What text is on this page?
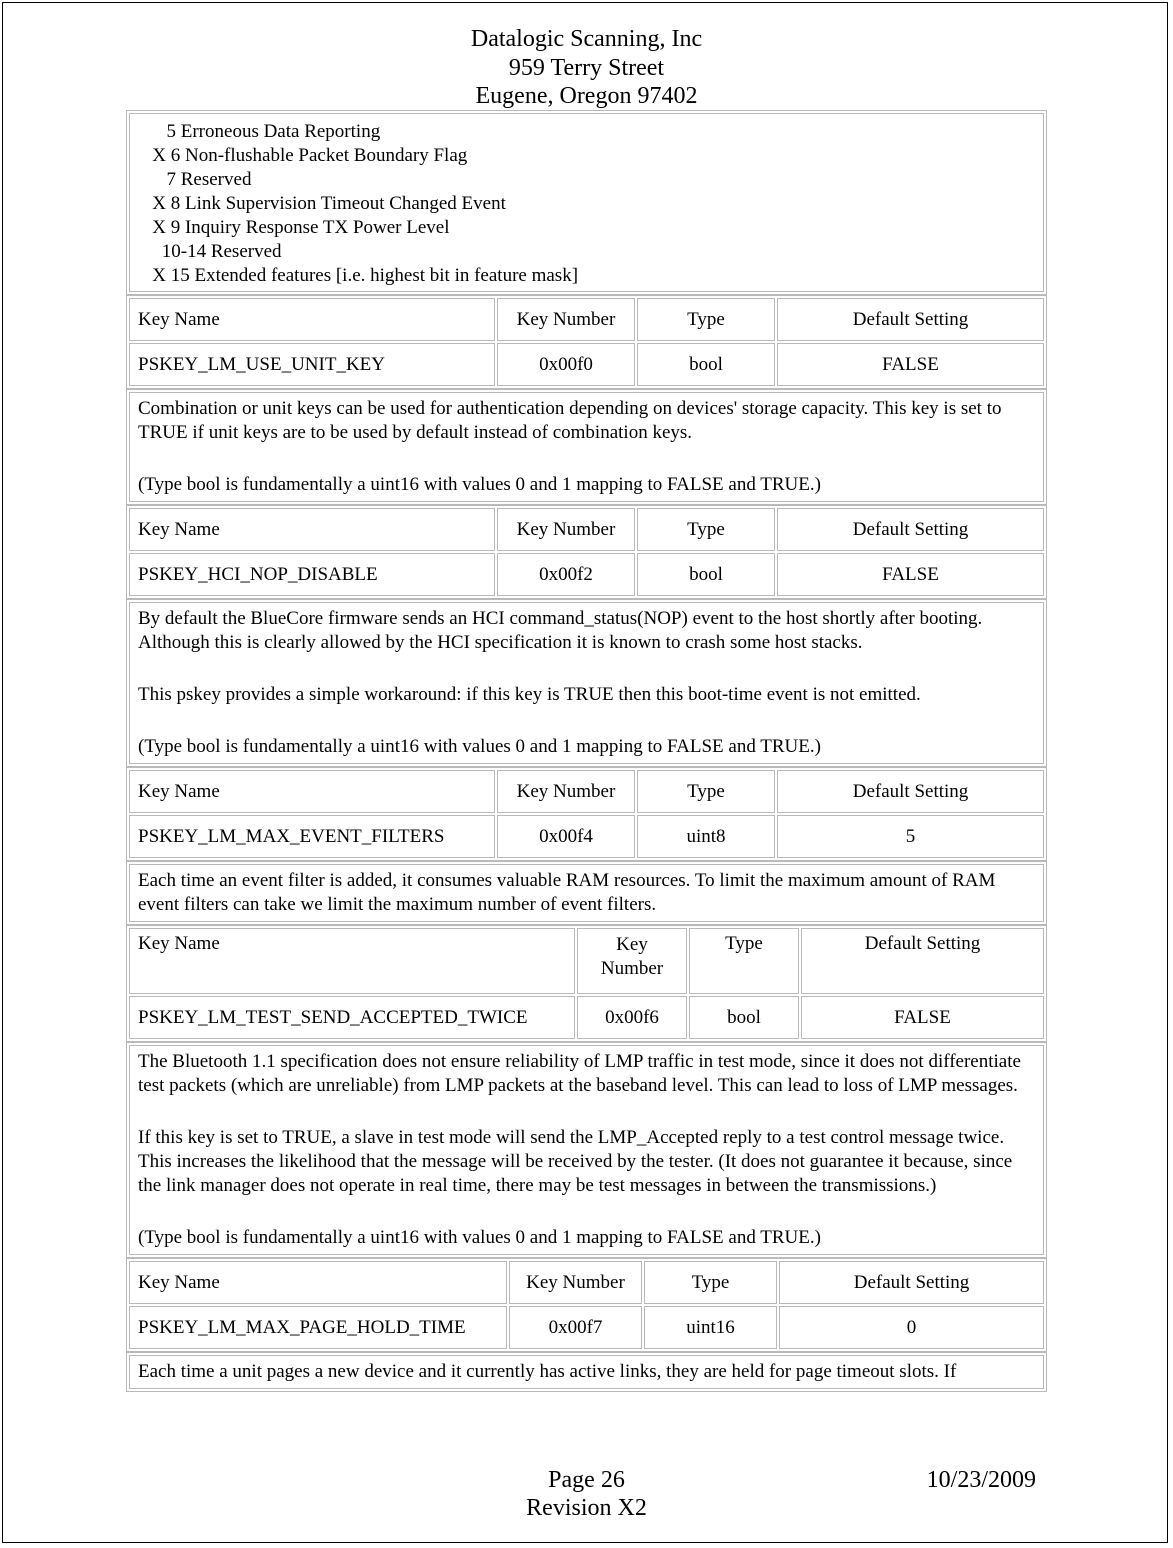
Datalogic Scanning, Inc
959 Terry Street
Eugene, Oregon 97402
5 Erroneous Data Reporting
X 6 Non-flushable Packet Boundary Flag
7 Reserved
X 8 Link Supervision Timeout Changed Event
X 9 Inquiry Response TX Power Level
10-14 Reserved
X 15 Extended features [i.e. highest bit in feature mask]
Key Name	Key Number	Type	Default Setting
PSKEY_LM_USE_UNIT_KEY	0x00f0	bool	FALSE

Combination or unit keys can be used for authentication depending on devices' storage capacity. This key is set to TRUE if unit keys are to be used by default instead of combination keys.

(Type bool is fundamentally a uint16 with values 0 and 1 mapping to FALSE and TRUE.)

Key Name	Key Number	Type	Default Setting
PSKEY_HCI_NOP_DISABLE	0x00f2	bool	FALSE

By default the BlueCore firmware sends an HCI command_status(NOP) event to the host shortly after booting. Although this is clearly allowed by the HCI specification it is known to crash some host stacks.

This pskey provides a simple workaround: if this key is TRUE then this boot-time event is not emitted.

(Type bool is fundamentally a uint16 with values 0 and 1 mapping to FALSE and TRUE.)

Key Name	Key Number	Type	Default Setting
PSKEY_LM_MAX_EVENT_FILTERS	0x00f4	uint8	5

Each time an event filter is added, it consumes valuable RAM resources. To limit the maximum amount of RAM event filters can take we limit the maximum number of event filters.

Key Name	Key Number	Type	Default Setting
PSKEY_LM_TEST_SEND_ACCEPTED_TWICE	0x00f6	bool	FALSE

The Bluetooth 1.1 specification does not ensure reliability of LMP traffic in test mode, since it does not differentiate test packets (which are unreliable) from LMP packets at the baseband level. This can lead to loss of LMP messages.

If this key is set to TRUE, a slave in test mode will send the LMP_Accepted reply to a test control message twice. This increases the likelihood that the message will be received by the tester. (It does not guarantee it because, since the link manager does not operate in real time, there may be test messages in between the transmissions.)

(Type bool is fundamentally a uint16 with values 0 and 1 mapping to FALSE and TRUE.)

Key Name	Key Number	Type	Default Setting
PSKEY_LM_MAX_PAGE_HOLD_TIME	0x00f7	uint16	0

Each time a unit pages a new device and it currently has active links, they are held for page timeout slots. If

Page 26
Revision X2
10/23/2009
